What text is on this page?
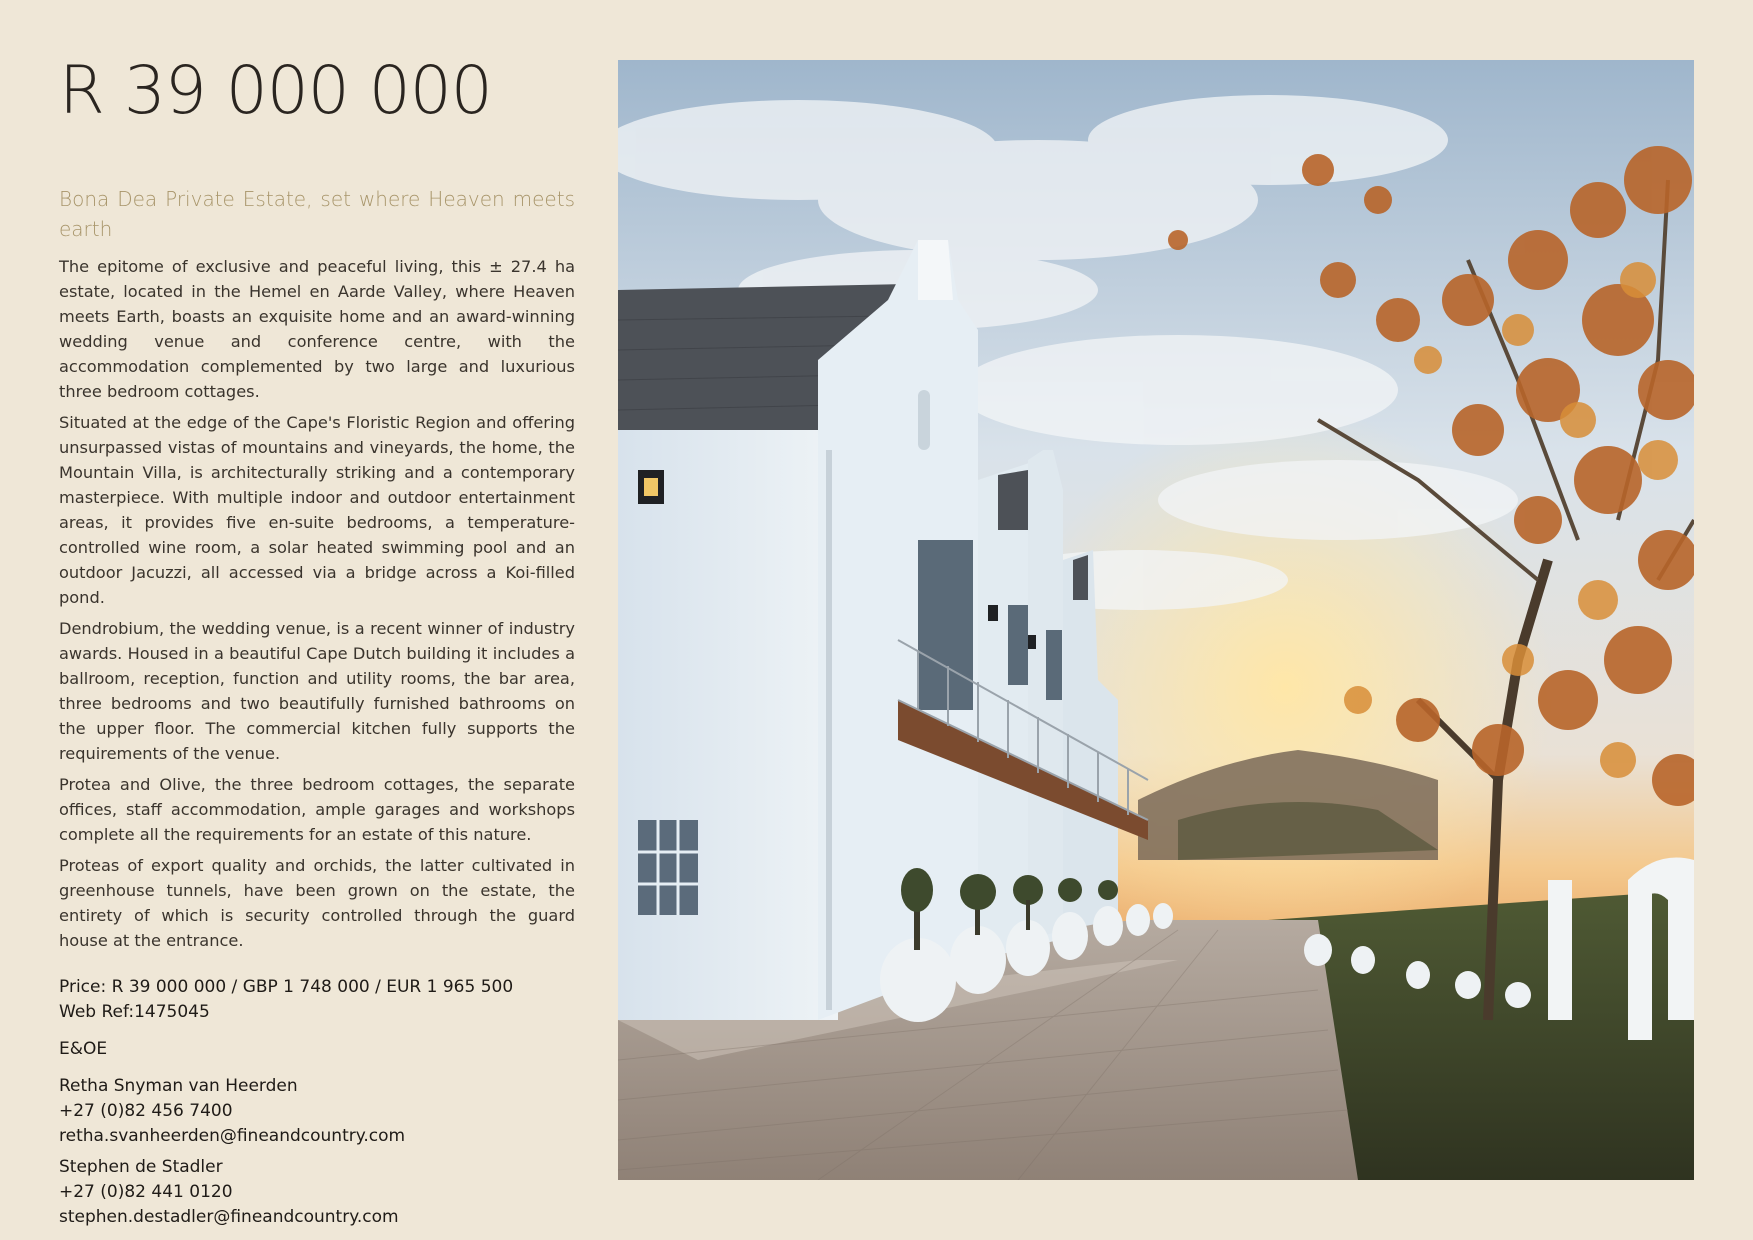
R 39 000 000
Bona Dea Private Estate, set where Heaven meets earth

The epitome of exclusive and peaceful living, this ± 27.4 ha estate, located in the Hemel en Aarde Valley, where Heaven meets Earth, boasts an exquisite home and an award-winning wedding venue and conference centre, with the accommodation complemented by two large and luxurious three bedroom cottages.

Situated at the edge of the Cape's Floristic Region and offering unsurpassed vistas of mountains and vineyards, the home, the Mountain Villa, is architecturally striking and a contemporary masterpiece. With multiple indoor and outdoor entertainment areas, it provides five en-suite bedrooms, a temperature-controlled wine room, a solar heated swimming pool and an outdoor Jacuzzi, all accessed via a bridge across a Koi-filled pond.

Dendrobium, the wedding venue, is a recent winner of industry awards. Housed in a beautiful Cape Dutch building it includes a ballroom, reception, function and utility rooms, the bar area, three bedrooms and two beautifully furnished bathrooms on the upper floor. The commercial kitchen fully supports the requirements of the venue.

Protea and Olive, the three bedroom cottages, the separate offices, staff accommodation, ample garages and workshops complete all the requirements for an estate of this nature.

Proteas of export quality and orchids, the latter cultivated in greenhouse tunnels, have been grown on the estate, the entirety of which is security controlled through the guard house at the entrance.

Price: R 39 000 000 / GBP 1 748 000 / EUR 1 965 500

Web Ref:1475045

E&OE

Retha Snyman van Heerden

+27 (0)82 456 7400

retha.svanheerden@fineandcountry.com

Stephen de Stadler

+27 (0)82 441 0120

stephen.destadler@fineandcountry.com
